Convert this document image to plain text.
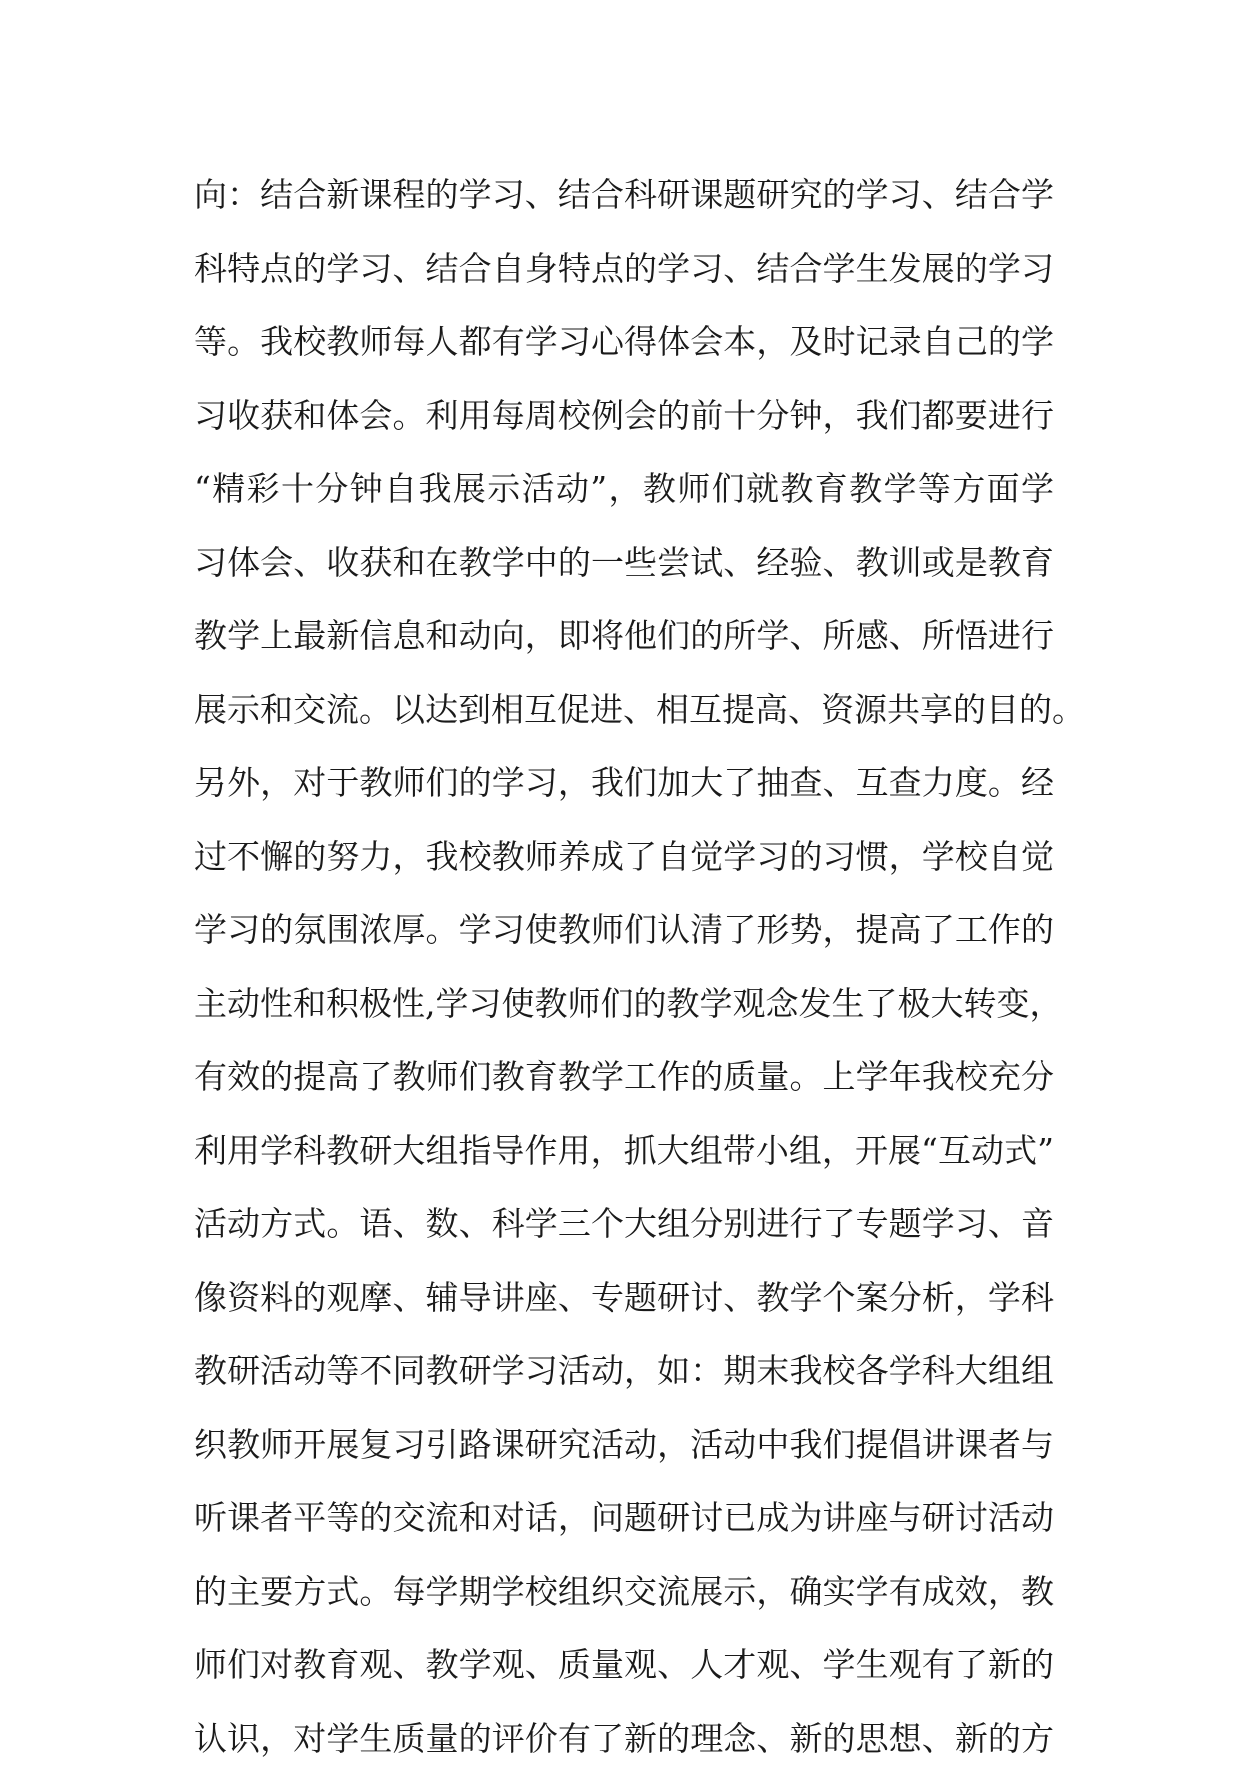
向：结合新课程的学习、结合科研课题研究的学习、结合学
科特点的学习、结合自身特点的学习、结合学生发展的学习
等。我校教师每人都有学习心得体会本，及时记录自己的学
习收获和体会。利用每周校例会的前十分钟，我们都要进行
“精彩十分钟自我展示活动”，教师们就教育教学等方面学
习体会、收获和在教学中的一些尝试、经验、教训或是教育
教学上最新信息和动向，即将他们的所学、所感、所悟进行
展示和交流。以达到相互促进、相互提高、资源共享的目的。
另外，对于教师们的学习，我们加大了抽查、互查力度。经
过不懈的努力，我校教师养成了自觉学习的习惯，学校自觉
学习的氛围浓厚。学习使教师们认清了形势，提高了工作的
主动性和积极性,学习使教师们的教学观念发生了极大转变，
有效的提高了教师们教育教学工作的质量。上学年我校充分
利用学科教研大组指导作用，抓大组带小组，开展“互动式”
活动方式。语、数、科学三个大组分别进行了专题学习、音
像资料的观摩、辅导讲座、专题研讨、教学个案分析，学科
教研活动等不同教研学习活动，如：期末我校各学科大组组
织教师开展复习引路课研究活动，活动中我们提倡讲课者与
听课者平等的交流和对话，问题研讨已成为讲座与研讨活动
的主要方式。每学期学校组织交流展示，确实学有成效，教
师们对教育观、教学观、质量观、人才观、学生观有了新的
认识，对学生质量的评价有了新的理念、新的思想、新的方
